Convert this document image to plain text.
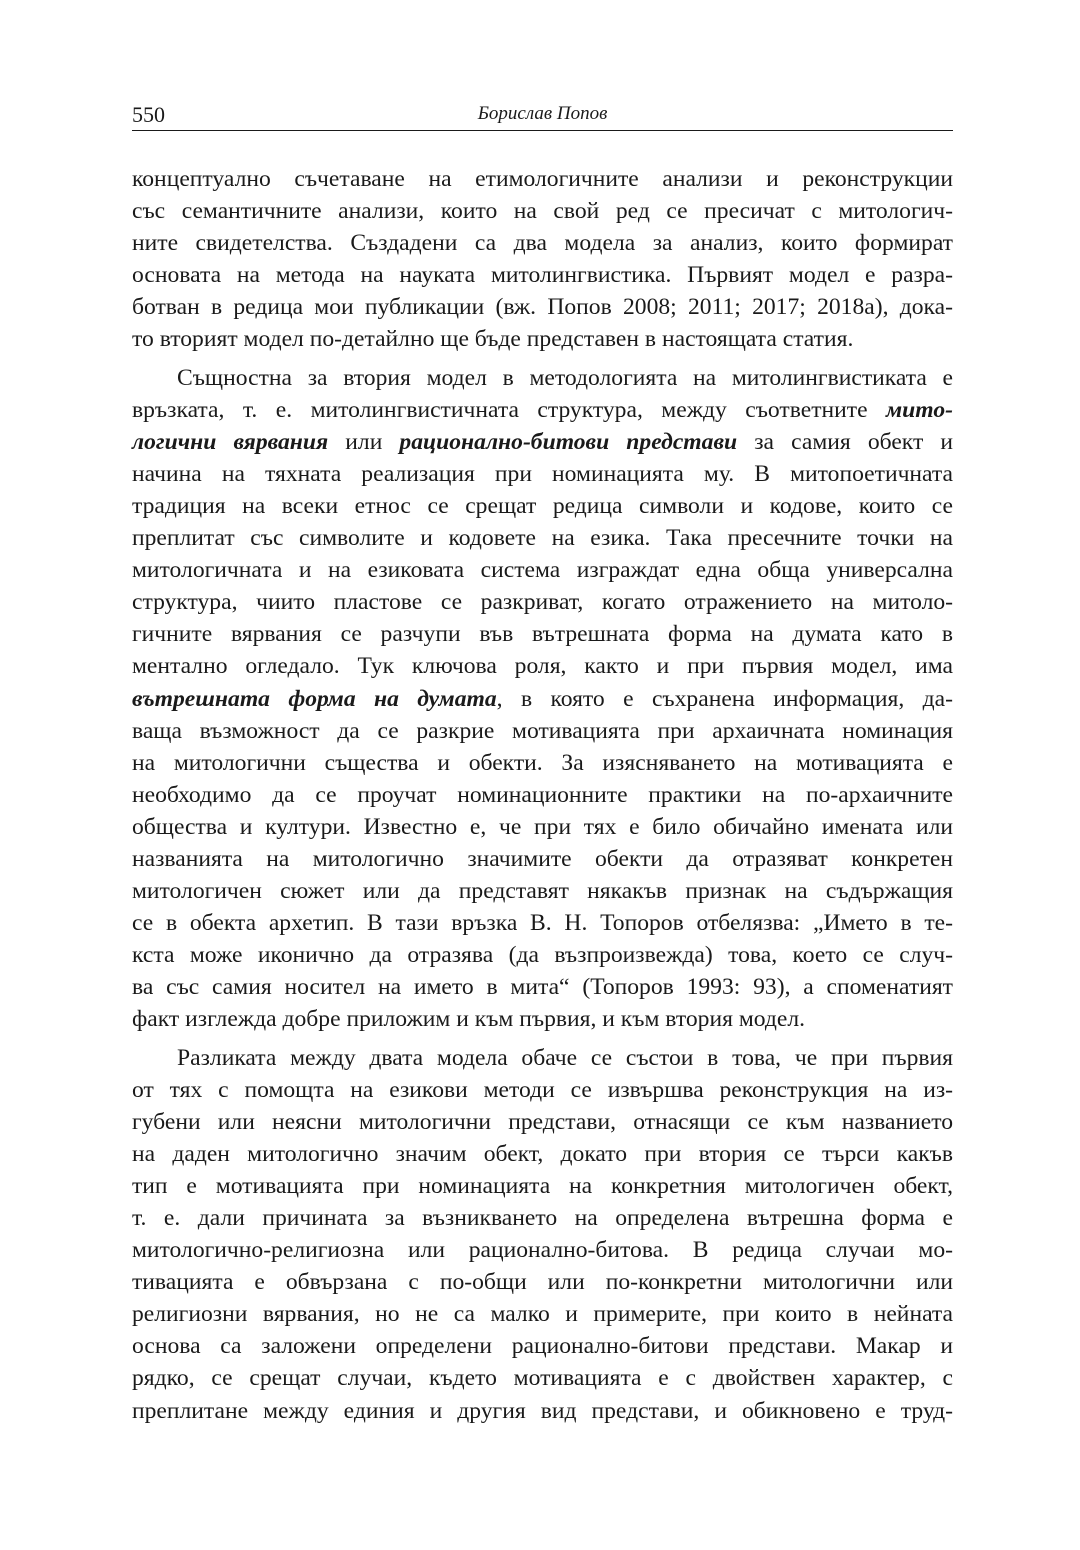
550	Борислав Попов
концептуално съчетаване на етимологичните анализи и реконструкции
със семантичните анализи, които на свой ред се пресичат с митологич-
ните свидетелства. Създадени са два модела за анализ, които формират
основата на метода на науката митолингвистика. Първият модел е разра-
ботван в редица мои публикации (вж. Попов 2008; 2011; 2017; 2018а), дока-
то вторият модел по-детайлно ще бъде представен в настоящата статия.
Същностна за втория модел в методологията на митолингвистиката е
връзката, т. е. митолингвистичната структура, между съответните мито-
логични вярвания или рационално-битови представи за самия обект и
начина на тяхната реализация при номинацията му. В митопоетичната
традиция на всеки етнос се срещат редица символи и кодове, които се
преплитат със символите и кодовете на езика. Така пресечните точки на
митологичната и на езиковата система изграждат една обща универсална
структура, чиито пластове се разкриват, когато отражението на митоло-
гичните вярвания се разчупи във вътрешната форма на думата като в
ментално огледало. Тук ключова роля, както и при първия модел, има
вътрешната форма на думата, в която е съхранена информация, да-
ваща възможност да се разкрие мотивацията при архаичната номинация
на митологични същества и обекти. За изясняването на мотивацията е
необходимо да се проучат номинационните практики на по-архаичните
общества и култури. Известно е, че при тях е било обичайно имената или
названията на митологично значимите обекти да отразяват конкретен
митологичен сюжет или да представят някакъв признак на съдържащия
се в обекта архетип. В тази връзка В. Н. Топоров отбелязва: „Името в те-
кста може иконично да отразява (да възпроизвежда) това, което се случ-
ва със самия носител на името в мита“ (Топоров 1993: 93), а споменатият
факт изглежда добре приложим и към първия, и към втория модел.
Разликата между двата модела обаче се състои в това, че при първия
от тях с помощта на езикови методи се извършва реконструкция на из-
губени или неясни митологични представи, отнасящи се към названието
на даден митологично значим обект, докато при втория се търси какъв
тип е мотивацията при номинацията на конкретния митологичен обект,
т. е. дали причината за възникването на определена вътрешна форма е
митологично-религиозна или рационално-битова. В редица случаи мо-
тивацията е обвързана с по-общи или по-конкретни митологични или
религиозни вярвания, но не са малко и примерите, при които в нейната
основа са заложени определени рационално-битови представи. Макар и
рядко, се срещат случаи, където мотивацията е с двойствен характер, с
преплитане между единия и другия вид представи, и обикновено е труд-
